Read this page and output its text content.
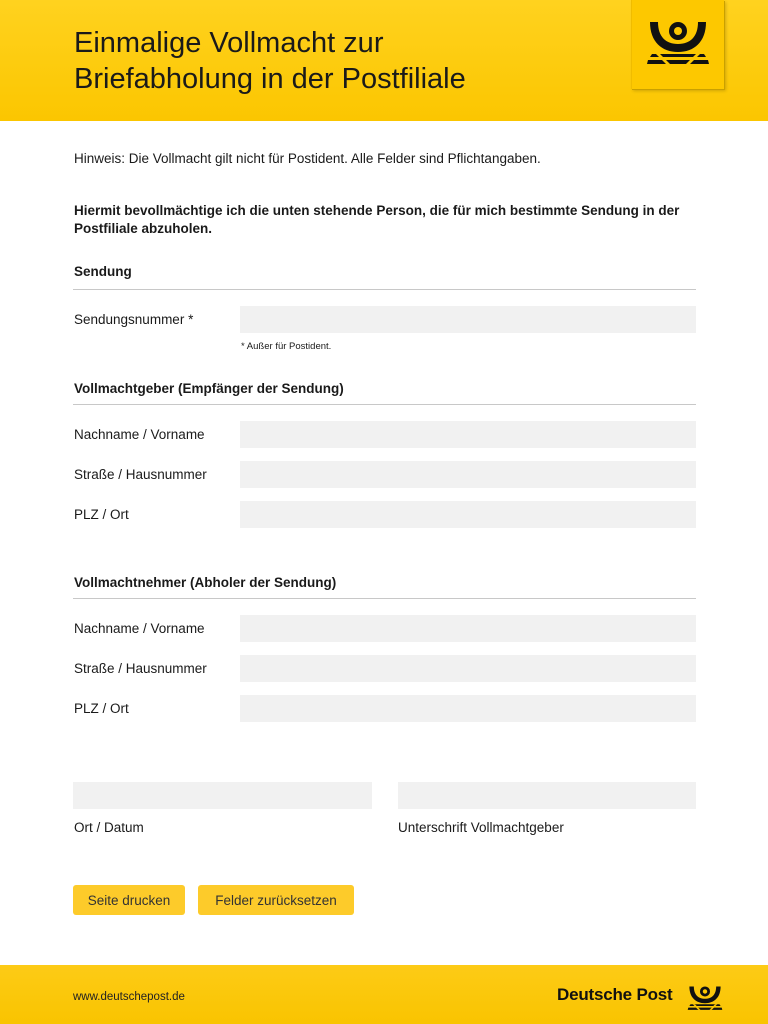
Einmalige Vollmacht zur
Briefabholung in der Postfiliale
Hinweis: Die Vollmacht gilt nicht für Postident. Alle Felder sind Pflichtangaben.
Hiermit bevollmächtige ich die unten stehende Person, die für mich bestimmte Sendung in der Postfiliale abzuholen.
Sendung
Sendungsnummer *
* Außer für Postident.
Vollmachtgeber (Empfänger der Sendung)
Nachname / Vorname
Straße / Hausnummer
PLZ / Ort
Vollmachtnehmer (Abholer der Sendung)
Nachname / Vorname
Straße / Hausnummer
PLZ / Ort
Ort / Datum	Unterschrift Vollmachtgeber
Seite drucken	Felder zurücksetzen
www.deutschepost.de	Deutsche Post
